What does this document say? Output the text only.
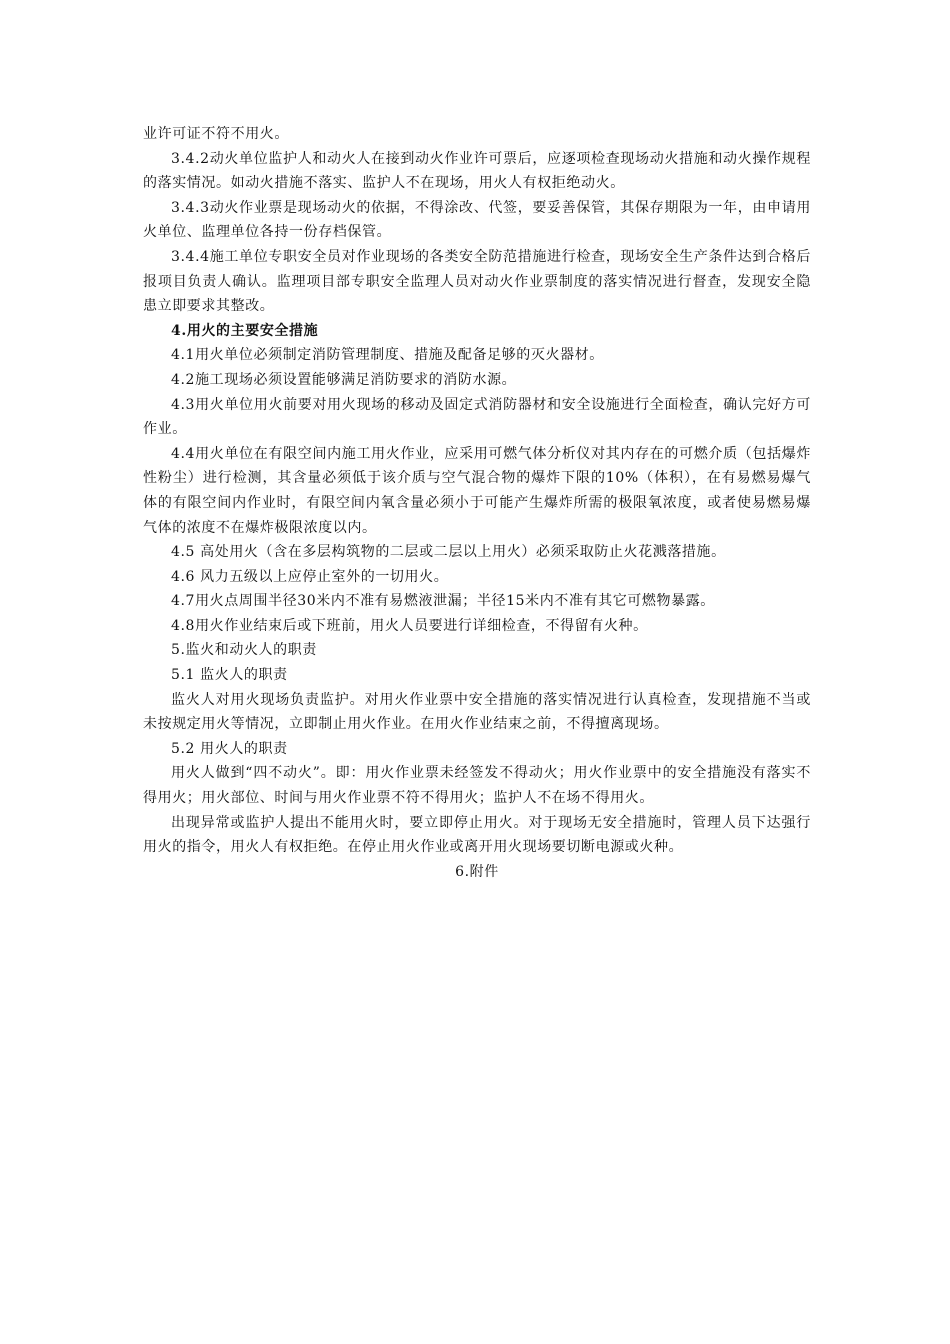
业许可证不符不用火。

3.4.2动火单位监护人和动火人在接到动火作业许可票后，应逐项检查现场动火措施和动火操作规程的落实情况。如动火措施不落实、监护人不在现场，用火人有权拒绝动火。

3.4.3动火作业票是现场动火的依据，不得涂改、代签，要妥善保管，其保存期限为一年，由申请用火单位、监理单位各持一份存档保管。

3.4.4施工单位专职安全员对作业现场的各类安全防范措施进行检查，现场安全生产条件达到合格后报项目负责人确认。监理项目部专职安全监理人员对动火作业票制度的落实情况进行督查，发现安全隐患立即要求其整改。

4.用火的主要安全措施

4.1用火单位必须制定消防管理制度、措施及配备足够的灭火器材。

4.2施工现场必须设置能够满足消防要求的消防水源。

4.3用火单位用火前要对用火现场的移动及固定式消防器材和安全设施进行全面检查，确认完好方可作业。

4.4用火单位在有限空间内施工用火作业，应采用可燃气体分析仪对其内存在的可燃介质（包括爆炸性粉尘）进行检测，其含量必须低于该介质与空气混合物的爆炸下限的10%（体积），在有易燃易爆气体的有限空间内作业时，有限空间内氧含量必须小于可能产生爆炸所需的极限氧浓度，或者使易燃易爆气体的浓度不在爆炸极限浓度以内。

4.5 高处用火（含在多层构筑物的二层或二层以上用火）必须采取防止火花溅落措施。

4.6 风力五级以上应停止室外的一切用火。

4.7用火点周围半径30米内不准有易燃液泄漏；半径15米内不准有其它可燃物暴露。

4.8用火作业结束后或下班前，用火人员要进行详细检查，不得留有火种。

5.监火和动火人的职责

5.1 监火人的职责

监火人对用火现场负责监护。对用火作业票中安全措施的落实情况进行认真检查，发现措施不当或未按规定用火等情况，立即制止用火作业。在用火作业结束之前，不得擅离现场。

5.2 用火人的职责

用火人做到“四不动火”。即：用火作业票未经签发不得动火；用火作业票中的安全措施没有落实不得用火；用火部位、时间与用火作业票不符不得用火；监护人不在场不得用火。

出现异常或监护人提出不能用火时，要立即停止用火。对于现场无安全措施时，管理人员下达强行用火的指令，用火人有权拒绝。在停止用火作业或离开用火现场要切断电源或火种。

6.附件
